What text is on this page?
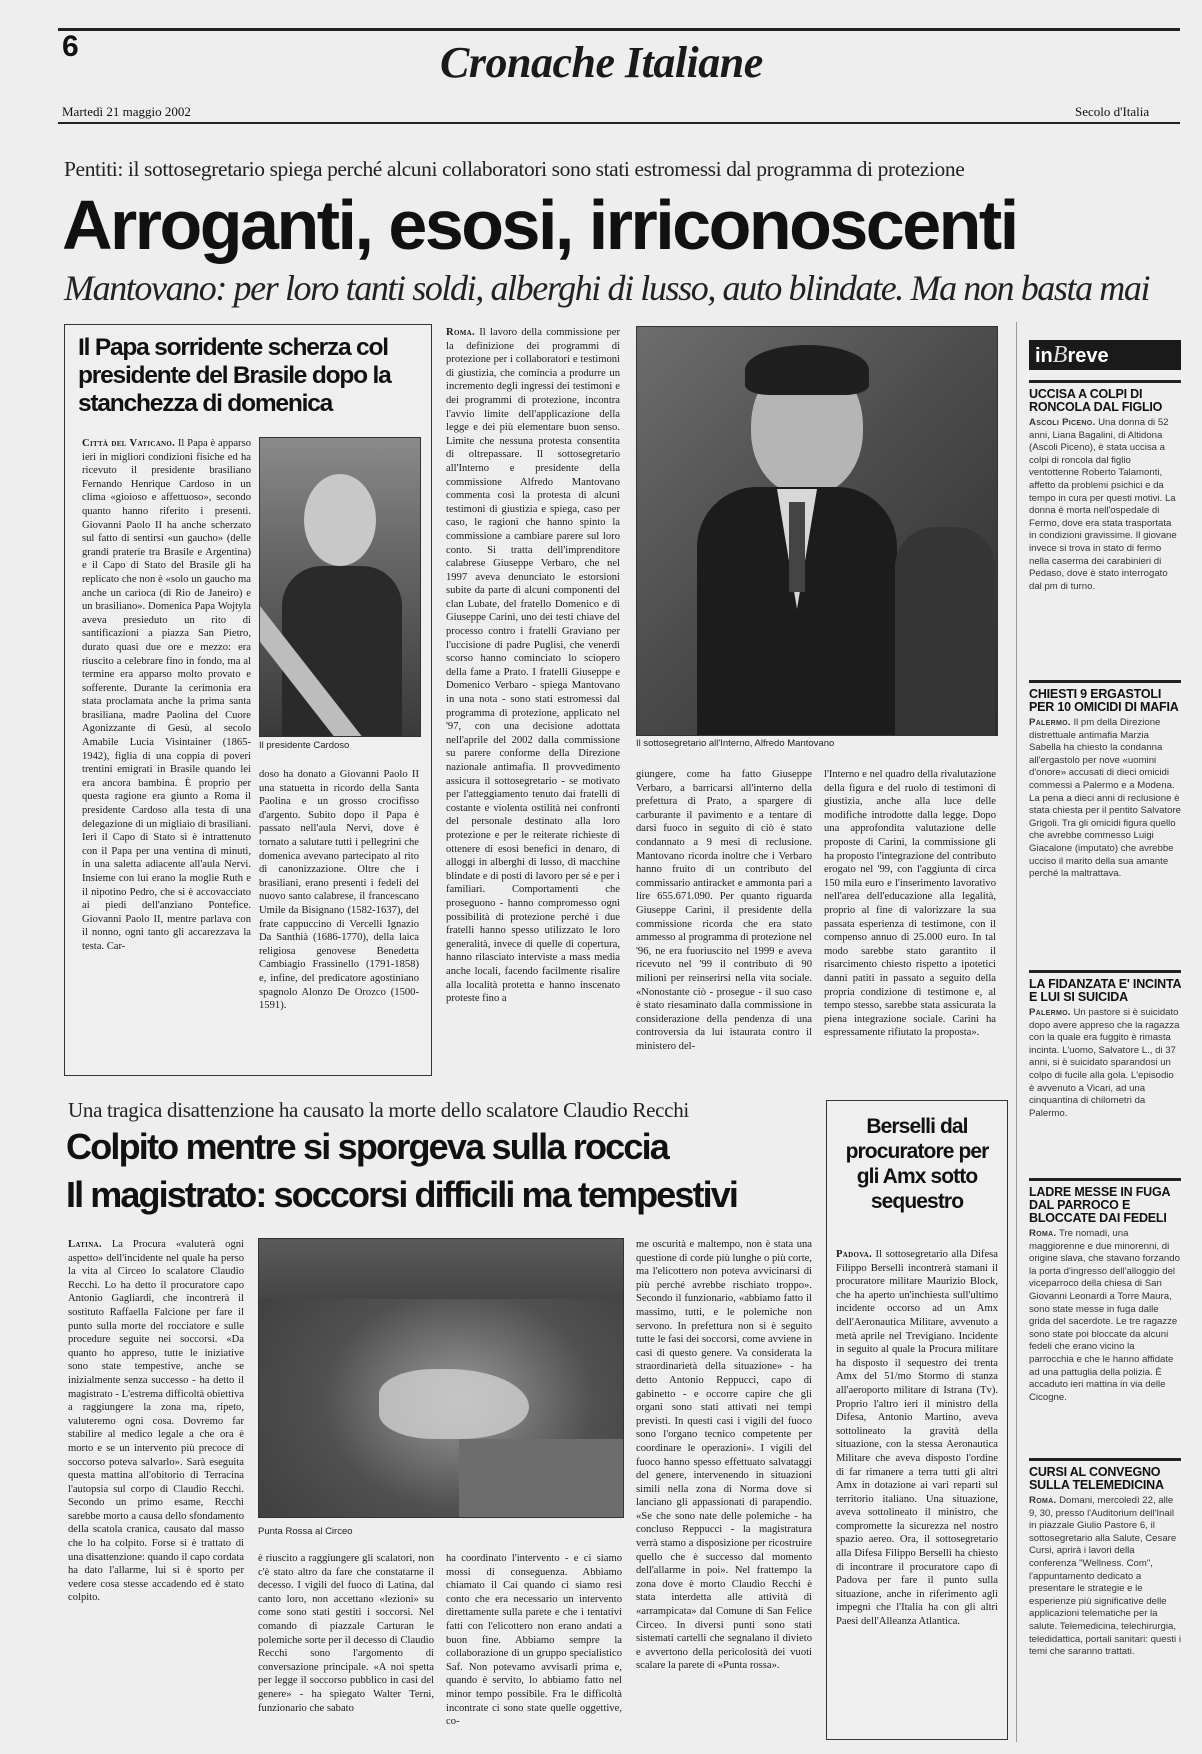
6	Cronache Italiane
Martedì 21 maggio 2002	Secolo d'Italia
Pentiti: il sottosegretario spiega perché alcuni collaboratori sono stati estromessi dal programma di protezione
Arroganti, esosi, irriconoscenti
Mantovano: per loro tanti soldi, alberghi di lusso, auto blindate. Ma non basta mai
Il Papa sorridente scherza col presidente del Brasile dopo la stanchezza di domenica

Città del Vaticano. Il Papa è apparso ieri in migliori condizioni fisiche ed ha ricevuto il presidente brasiliano Fernando Henrique Cardoso in un clima «gioioso e affettuoso», secondo quanto hanno riferito i presenti. Giovanni Paolo II ha anche scherzato sul fatto di sentirsi «un gaucho» (delle grandi praterie tra Brasile e Argentina) e il Capo di Stato del Brasile gli ha replicato che non è «solo un gaucho ma anche un carioca (di Rio de Janeiro) e un brasiliano». Domenica Papa Wojtyla aveva presieduto un rito di santificazioni a piazza San Pietro, durato quasi due ore e mezzo: era riuscito a celebrare fino in fondo, ma al termine era apparso molto provato e sofferente. Durante la cerimonia era stata proclamata anche la prima santa brasiliana, madre Paolina del Cuore Agonizzante di Gesù, al secolo Amabile Lucia Visintainer (1865-1942), figlia di una coppia di poveri trentini emigrati in Brasile quando lei era ancora bambina. È proprio per questa ragione era giunto a Roma il presidente Cardoso alla testa di una delegazione di un migliaio di brasiliani. Ieri il Capo di Stato si è intrattenuto con il Papa per una ventina di minuti, in una saletta adiacente all'aula Nervi. Insieme con lui erano la moglie Ruth e il nipotino Pedro, che si è accovacciato ai piedi dell'anziano Pontefice. Giovanni Paolo II, mentre parlava con il nonno, ogni tanto gli accarezzava la testa. Car-

Il presidente Cardoso

doso ha donato a Giovanni Paolo II una statuetta in ricordo della Santa Paolina e un grosso crocifisso d'argento. Subito dopo il Papa è passato nell'aula Nervi, dove è tornato a salutare tutti i pellegrini che domenica avevano partecipato al rito di canonizzazione. Oltre che i brasiliani, erano presenti i fedeli del nuovo santo calabrese, il francescano Umile da Bisignano (1582-1637), del frate cappuccino di Vercelli Ignazio Da Santhià (1686-1770), della laica religiosa genovese Benedetta Cambiagio Frassinello (1791-1858) e, infine, del predicatore agostiniano spagnolo Alonzo De Orozco (1500-1591).

Roma. Il lavoro della commissione per la definizione dei programmi di protezione per i collaboratori e testimoni di giustizia, che comincia a produrre un incremento degli ingressi dei testimoni e dei programmi di protezione, incontra l'avvio limite dell'applicazione della legge e dei più elementare buon senso. Limite che nessuna protesta consentita di oltrepassare. Il sottosegretario all'Interno e presidente della commissione Alfredo Mantovano commenta così la protesta di alcuni testimoni di giustizia e spiega, caso per caso, le ragioni che hanno spinto la commissione a cambiare parere sul loro conto. Si tratta dell'imprenditore calabrese Giuseppe Verbaro, che nel 1997 aveva denunciato le estorsioni subite da parte di alcuni componenti del clan Lubate, del fratello Domenico e di Giuseppe Carini, uno dei testi chiave del processo contro i fratelli Graviano per l'uccisione di padre Puglisi, che venerdì scorso hanno cominciato lo sciopero della fame a Prato. I fratelli Giuseppe e Domenico Verbaro - spiega Mantovano in una nota - sono stati estromessi dal programma di protezione, applicato nel '97, con una decisione adottata nell'aprile del 2002 dalla commissione su parere conforme della Direzione nazionale antimafia. Il provvedimento assicura il sottosegretario - se motivato per l'atteggiamento tenuto dai fratelli di costante e violenta ostilità nei confronti del personale destinato alla loro protezione e per le reiterate richieste di ottenere di esosi benefici in denaro, di alloggi in alberghi di lusso, di macchine blindate e di posti di lavoro per sé e per i familiari. Comportamenti che proseguono - hanno compromesso ogni possibilità di protezione perché i due fratelli hanno spesso utilizzato le loro generalità, invece di quelle di copertura, hanno rilasciato interviste a mass media anche locali, facendo facilmente risalire alla località protetta e hanno inscenato proteste fino a

Il sottosegretario all'Interno, Alfredo Mantovano

giungere, come ha fatto Giuseppe Verbaro, a barricarsi all'interno della prefettura di Prato, a spargere di carburante il pavimento e a tentare di darsi fuoco in seguito di ciò è stato condannato a 9 mesi di reclusione. Mantovano ricorda inoltre che i Verbaro hanno fruito di un contributo del commissario antiracket e ammonta pari a lire 655.671.090. Per quanto riguarda Giuseppe Carini, il presidente della commissione ricorda che era stato ammesso al programma di protezione nel '96, ne era fuoriuscito nel 1999 e aveva ricevuto nel '99 il contributo di 90 milioni per reinserirsi nella vita sociale. «Nonostante ciò - prosegue - il suo caso è stato riesaminato dalla commissione in considerazione della pendenza di una controversia da lui istaurata contro il ministero del-

l'Interno e nel quadro della rivalutazione della figura e del ruolo di testimoni di giustizia, anche alla luce delle modifiche introdotte dalla legge. Dopo una approfondita valutazione delle proposte di Carini, la commissione gli ha proposto l'integrazione del contributo erogato nel '99, con l'aggiunta di circa 150 mila euro e l'inserimento lavorativo nell'area dell'educazione alla legalità, proprio al fine di valorizzare la sua passata esperienza di testimone, con il compenso annuo di 25.000 euro. In tal modo sarebbe stato garantito il risarcimento chiesto rispetto a ipotetici danni patiti in passato a seguito della propria condizione di testimone e, al tempo stesso, sarebbe stata assicurata la piena integrazione sociale. Carini ha espressamente rifiutato la proposta».

Una tragica disattenzione ha causato la morte dello scalatore Claudio Recchi
Colpito mentre si sporgeva sulla roccia
Il magistrato: soccorsi difficili ma tempestivi

Latina. La Procura «valuterà ogni aspetto» dell'incidente nel quale ha perso la vita al Circeo lo scalatore Claudio Recchi. Lo ha detto il procuratore capo Antonio Gagliardi, che incontrerà il sostituto Raffaella Falcione per fare il punto sulla morte del rocciatore e sulle procedure seguite nei soccorsi. «Da quanto ho appreso, tutte le iniziative sono state tempestive, anche se inizialmente senza successo - ha detto il magistrato - L'estrema difficoltà obiettiva a raggiungere la zona ma, ripeto, valuteremo ogni cosa. Dovremo far stabilire al medico legale a che ora è morto e se un intervento più precoce di soccorso poteva salvarlo». Sarà eseguita questa mattina all'obitorio di Terracina l'autopsia sul corpo di Claudio Recchi. Secondo un primo esame, Recchi sarebbe morto a causa dello sfondamento della scatola cranica, causato dal masso che lo ha colpito. Forse si è trattato di una disattenzione: quando il capo cordata ha dato l'allarme, lui si è sporto per vedere cosa stesse accadendo ed è stato colpito.

Punta Rossa al Circeo

è riuscito a raggiungere gli scalatori, non c'è stato altro da fare che constatarne il decesso. I vigili del fuoco di Latina, dal canto loro, non accettano «lezioni» su come sono stati gestiti i soccorsi. Nel comando di piazzale Carturan le polemiche sorte per il decesso di Claudio Recchi sono l'argomento di conversazione principale. «A noi spetta per legge il soccorso pubblico in casi del genere» - ha spiegato Walter Terni, funzionario che sabato

ha coordinato l'intervento - e ci siamo mossi di conseguenza. Abbiamo chiamato il Cai quando ci siamo resi conto che era necessario un intervento direttamente sulla parete e che i tentativi fatti con l'elicottero non erano andati a buon fine. Abbiamo sempre la collaborazione di un gruppo specialistico Saf. Non potevamo avvisarli prima e, quando è servito, lo abbiamo fatto nel minor tempo possibile. Fra le difficoltà incontrate ci sono state quelle oggettive, co-

me oscurità e maltempo, non è stata una questione di corde più lunghe o più corte, ma l'elicottero non poteva avvicinarsi di più perché avrebbe rischiato troppo». Secondo il funzionario, «abbiamo fatto il massimo, tutti, e le polemiche non servono. In prefettura non si è seguito tutte le fasi dei soccorsi, come avviene in casi di questo genere. Va considerata la straordinarietà della situazione» - ha detto Antonio Reppucci, capo di gabinetto - e occorre capire che gli organi sono stati attivati nei tempi previsti. In questi casi i vigili del fuoco sono l'organo tecnico competente per coordinare le operazioni». I vigili del fuoco hanno spesso effettuato salvataggi del genere, intervenendo in situazioni simili nella zona di Norma dove si lanciano gli appassionati di parapendio. «Se che sono nate delle polemiche - ha concluso Reppucci - la magistratura verrà stamo a disposizione per ricostruire quello che è successo dal momento dell'allarme in poi». Nel frattempo la zona dove è morto Claudio Recchi è stata interdetta alle attività di «arrampicata» dal Comune di San Felice Circeo. In diversi punti sono stati sistemati cartelli che segnalano il divieto e avvertono della pericolosità dei vuoti scalare la parete di «Punta rossa».

Berselli dal procuratore per gli Amx sotto sequestro

Padova. Il sottosegretario alla Difesa Filippo Berselli incontrerà stamani il procuratore militare Maurizio Block, che ha aperto un'inchiesta sull'ultimo incidente occorso ad un Amx dell'Aeronautica Militare, avvenuto a metà aprile nel Trevigiano. Incidente in seguito al quale la Procura militare ha disposto il sequestro dei trenta Amx del 51/mo Stormo di stanza all'aeroporto militare di Istrana (Tv). Proprio l'altro ieri il ministro della Difesa, Antonio Martino, aveva sottolineato la gravità della situazione, con la stessa Aeronautica Militare che aveva disposto l'ordine di far rimanere a terra tutti gli altri Amx in dotazione ai vari reparti sul territorio italiano. Una situazione, aveva sottolineato il ministro, che compromette la sicurezza nel nostro spazio aereo. Ora, il sottosegretario alla Difesa Filippo Berselli ha chiesto di incontrare il procuratore capo di Padova per fare il punto sulla situazione, anche in riferimento agli impegni che l'Italia ha con gli altri Paesi dell'Alleanza Atlantica.

inBreve
UCCISA A COLPI DI RONCOLA DAL FIGLIO

Ascoli Piceno. Una donna di 52 anni, Liana Bagalini, di Altidona (Ascoli Piceno), è stata uccisa a colpi di roncola dal figlio ventottenne Roberto Talamonti, affetto da problemi psichici e da tempo in cura per questi motivi. La donna è morta nell'ospedale di Fermo, dove era stata trasportata in condizioni gravissime. Il giovane invece si trova in stato di fermo nella caserma dei carabinieri di Pedaso, dove è stato interrogato dal pm di turno.

CHIESTI 9 ERGASTOLI PER 10 OMICIDI DI MAFIA

Palermo. Il pm della Direzione distrettuale antimafia Marzia Sabella ha chiesto la condanna all'ergastolo per nove «uomini d'onore» accusati di dieci omicidi commessi a Palermo e a Modena. La pena a dieci anni di reclusione è stata chiesta per il pentito Salvatore Grigoli. Tra gli omicidi figura quello che avrebbe commesso Luigi Giacalone (imputato) che avrebbe ucciso il marito della sua amante perché la maltrattava.

LA FIDANZATA E' INCINTA E LUI SI SUICIDA

Palermo. Un pastore si è suicidato dopo avere appreso che la ragazza con la quale era fuggito è rimasta incinta. L'uomo, Salvatore L., di 37 anni, si è suicidato sparandosi un colpo di fucile alla gola. L'episodio è avvenuto a Vicari, ad una cinquantina di chilometri da Palermo.

LADRE MESSE IN FUGA DAL PARROCO E BLOCCATE DAI FEDELI

Roma. Tre nomadi, una maggiorenne e due minorenni, di origine slava, che stavano forzando la porta d'ingresso dell'alloggio del viceparroco della chiesa di San Giovanni Leonardi a Torre Maura, sono state messe in fuga dalle grida del sacerdote. Le tre ragazze sono state poi bloccate da alcuni fedeli che erano vicino la parrocchia e che le hanno affidate ad una pattuglia della polizia. È accaduto ieri mattina in via delle Cicogne.

CURSI AL CONVEGNO SULLA TELEMEDICINA

Roma. Domani, mercoledì 22, alle 9, 30, presso l'Auditorium dell'Inail in piazzale Giulio Pastore 6, il sottosegretario alla Salute, Cesare Cursi, aprirà i lavori della conferenza "Wellness. Com", l'appuntamento dedicato a presentare le strategie e le esperienze più significative delle applicazioni telematiche per la salute. Telemedicina, telechirurgia, teledidattica, portali sanitari: questi i temi che saranno trattati.
